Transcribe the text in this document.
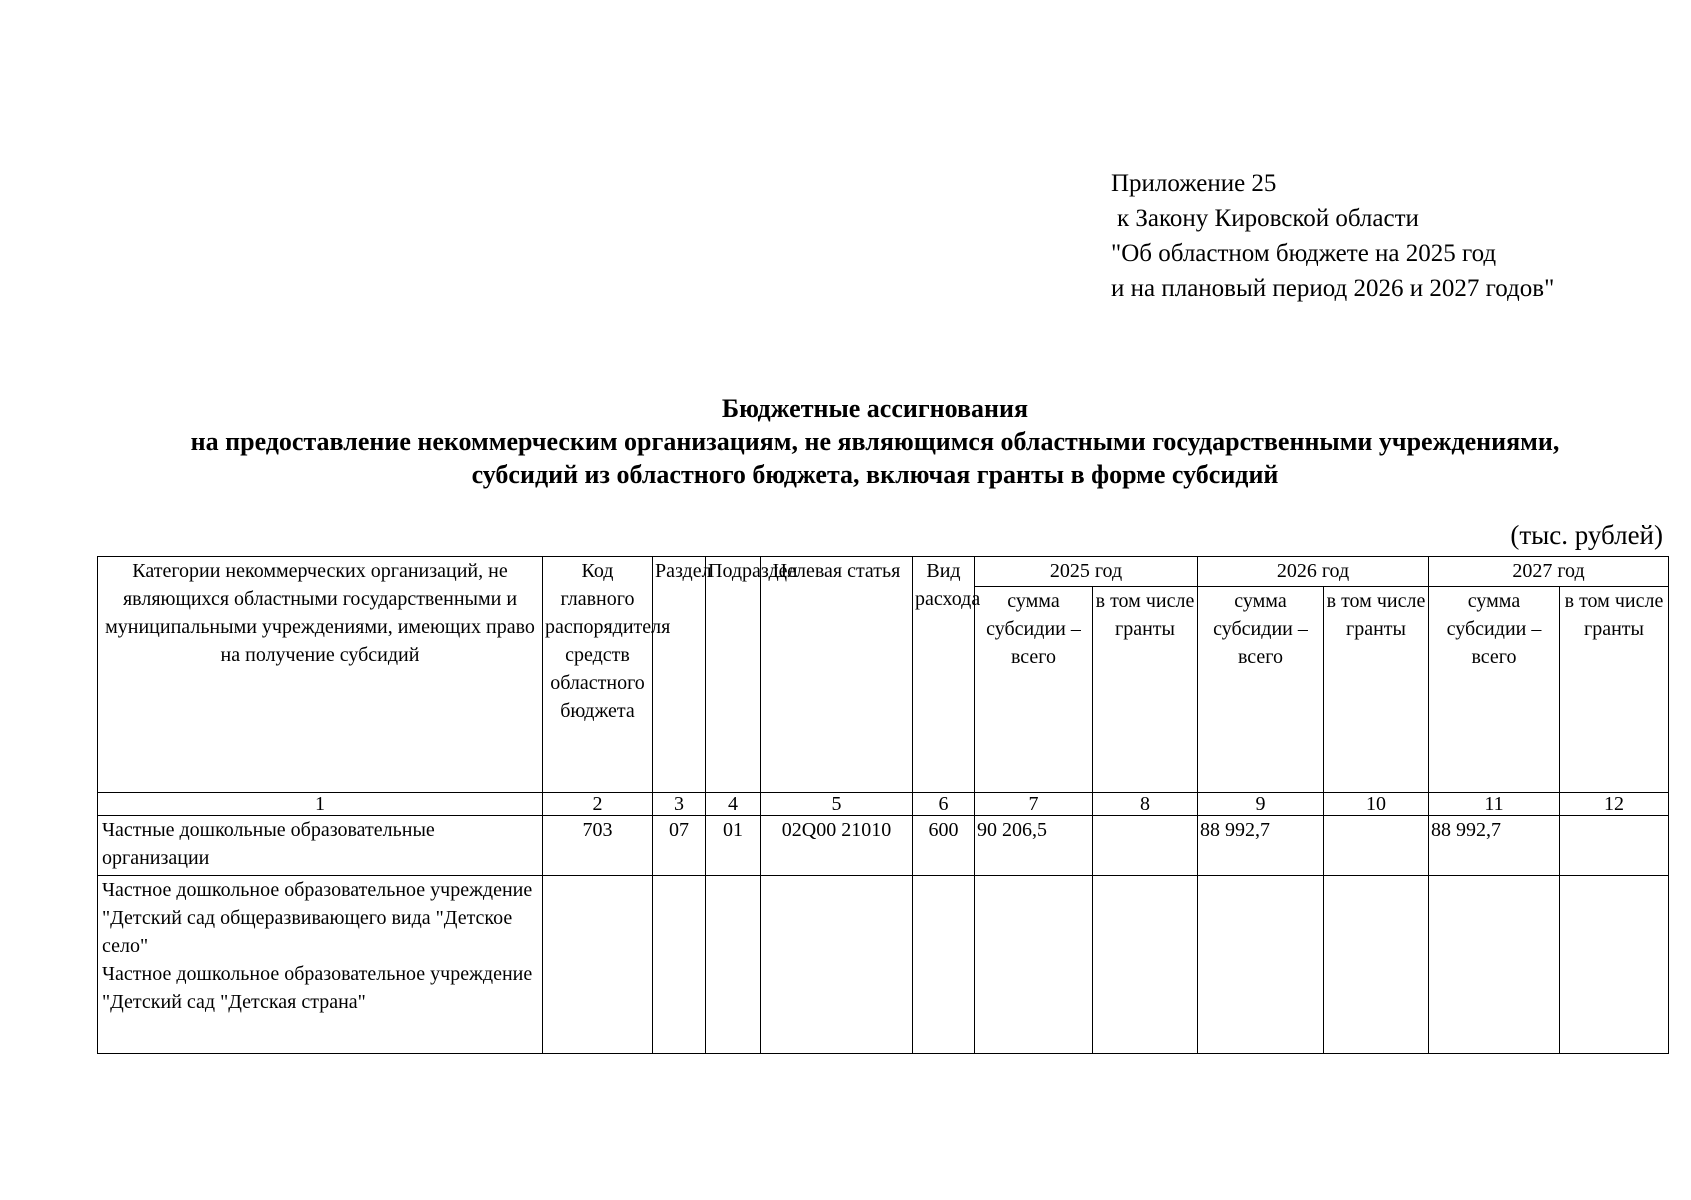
Приложение 25
к Закону Кировской области
"Об областном бюджете на 2025 год
и на плановый период 2026 и 2027 годов"
Бюджетные ассигнования
на предоставление некоммерческим организациям, не являющимся областными государственными учреждениями,
субсидий из областного бюджета, включая гранты в форме субсидий
(тыс. рублей)
Категории некоммерческих организаций, не являющихся областными государственными и муниципальными учреждениями, имеющих право на получение субсидий	Код главного распорядителя средств областного бюджета	Раздел	Подраздел	Целевая статья	Вид расхода	2025 год		2026 год		2027 год	
						сумма субсидии – всего	в том числе гранты	сумма субсидии – всего	в том числе гранты	сумма субсидии – всего	в том числе гранты
1	2	3	4	5	6	7	8	9	10	11	12
Частные дошкольные образовательные организации	703	07	01	02Q00 21010	600	90 206,5		88 992,7		88 992,7	

Частное дошкольное образовательное учреждение "Детский сад общеразвивающего вида "Детское село"
Частное дошкольное образовательное учреждение "Детский сад "Детская страна"											
